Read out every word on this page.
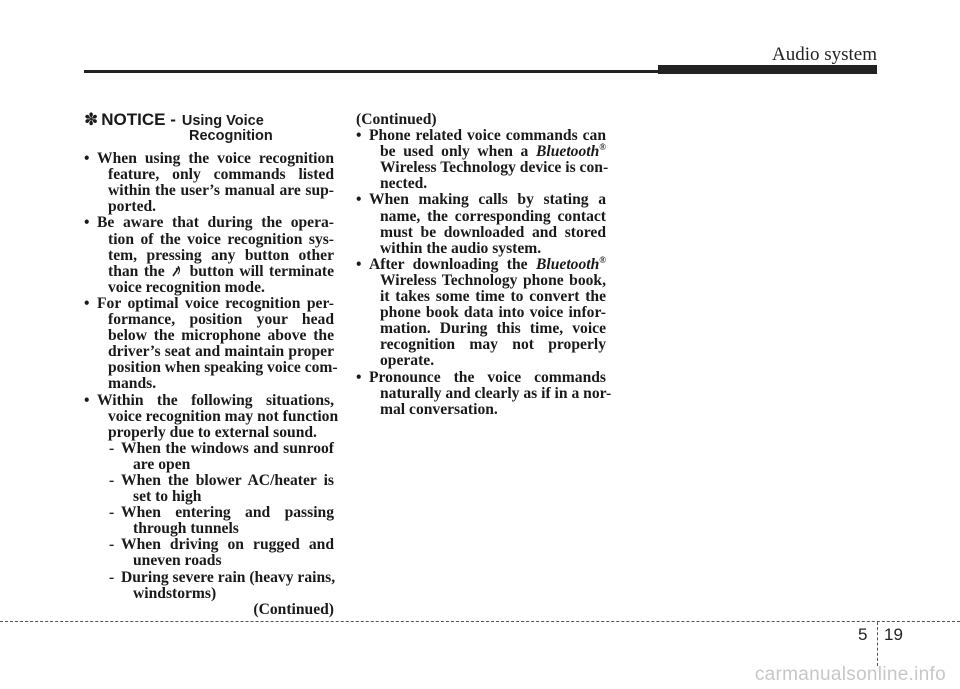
Audio system
✽ NOTICE - Using Voice
Recognition
• When using the voice recognition
feature, only commands listed
within the user’s manual are sup-
ported.
• Be aware that during the opera-
tion of the voice recognition sys-
tem, pressing any button other
than the button will terminate
voice recognition mode.
• For optimal voice recognition per-
formance, position your head
below the microphone above the
driver’s seat and maintain proper
position when speaking voice com-
mands.
• Within the following situations,
voice recognition may not function
properly due to external sound.
- When the windows and sunroof
are open
- When the blower AC/heater is
set to high
- When entering and passing
through tunnels
- When driving on rugged and
uneven roads
- During severe rain (heavy rains,
windstorms)
(Continued)
(Continued)
• Phone related voice commands can
be used only when a Bluetooth®
Wireless Technology device is con-
nected.
• When making calls by stating a
name, the corresponding contact
must be downloaded and stored
within the audio system.
• After downloading the Bluetooth®
Wireless Technology phone book,
it takes some time to convert the
phone book data into voice infor-
mation. During this time, voice
recognition may not properly
operate.
• Pronounce the voice commands
naturally and clearly as if in a nor-
mal conversation.
5 19
carmanualsonline.info
